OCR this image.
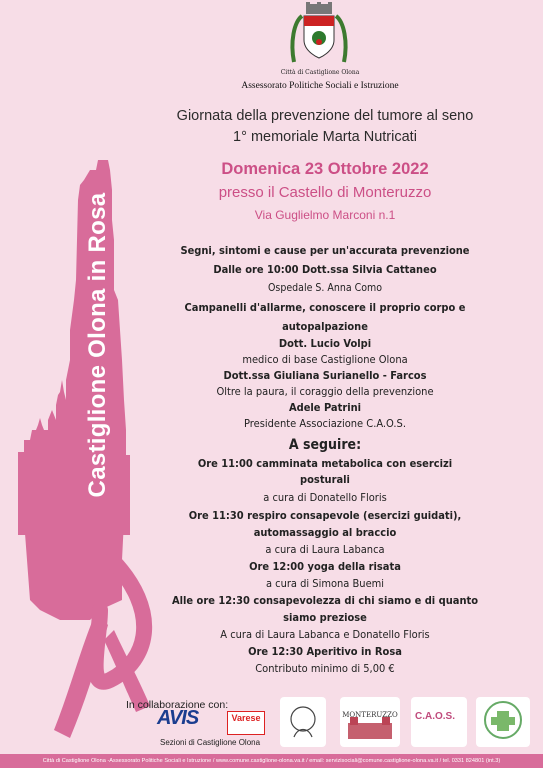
Castiglione Olona in Rosa
Città di Castiglione Olona
Assessorato Politiche Sociali e Istruzione
Giornata della prevenzione del tumore al seno
1° memoriale Marta Nutricati
Domenica 23 Ottobre 2022
presso il Castello di Monteruzzo
Via Guglielmo Marconi n.1
Segni, sintomi e cause per un'accurata prevenzione
Dalle ore 10:00 Dott.ssa Silvia Cattaneo
Ospedale S. Anna Como
Campanelli d'allarme, conoscere il proprio corpo e
autopalpazione
Dott. Lucio Volpi
medico di base Castiglione Olona
Dott.ssa Giuliana Surianello - Farcos
Oltre la paura, il coraggio della prevenzione
Adele Patrini
Presidente Associazione C.A.O.S.
A seguire:
Ore 11:00 camminata metabolica con esercizi
posturali
a cura di Donatello Floris
Ore 11:30 respiro consapevole (esercizi guidati),
automassaggio al braccio
a cura di Laura Labanca
Ore 12:00 yoga della risata
a cura di Simona Buemi
Alle ore 12:30 consapevolezza di chi siamo e di quanto
siamo preziose
A cura di Laura Labanca e Donatello Floris
Ore 12:30 Aperitivo in Rosa
Contributo minimo di 5,00 €
In collaborazione con:
AVIS	Varese
Sezioni di Castiglione Olona
MONTERUZZO C.A.O.S.
Città di Castiglione Olona -Assessorato Politiche Sociali e Istruzione / www.comune.castiglione-olona.va.it / email: servizisociali@comune.castiglione-olona.va.it / tel. 0331 824801 (int.3)
